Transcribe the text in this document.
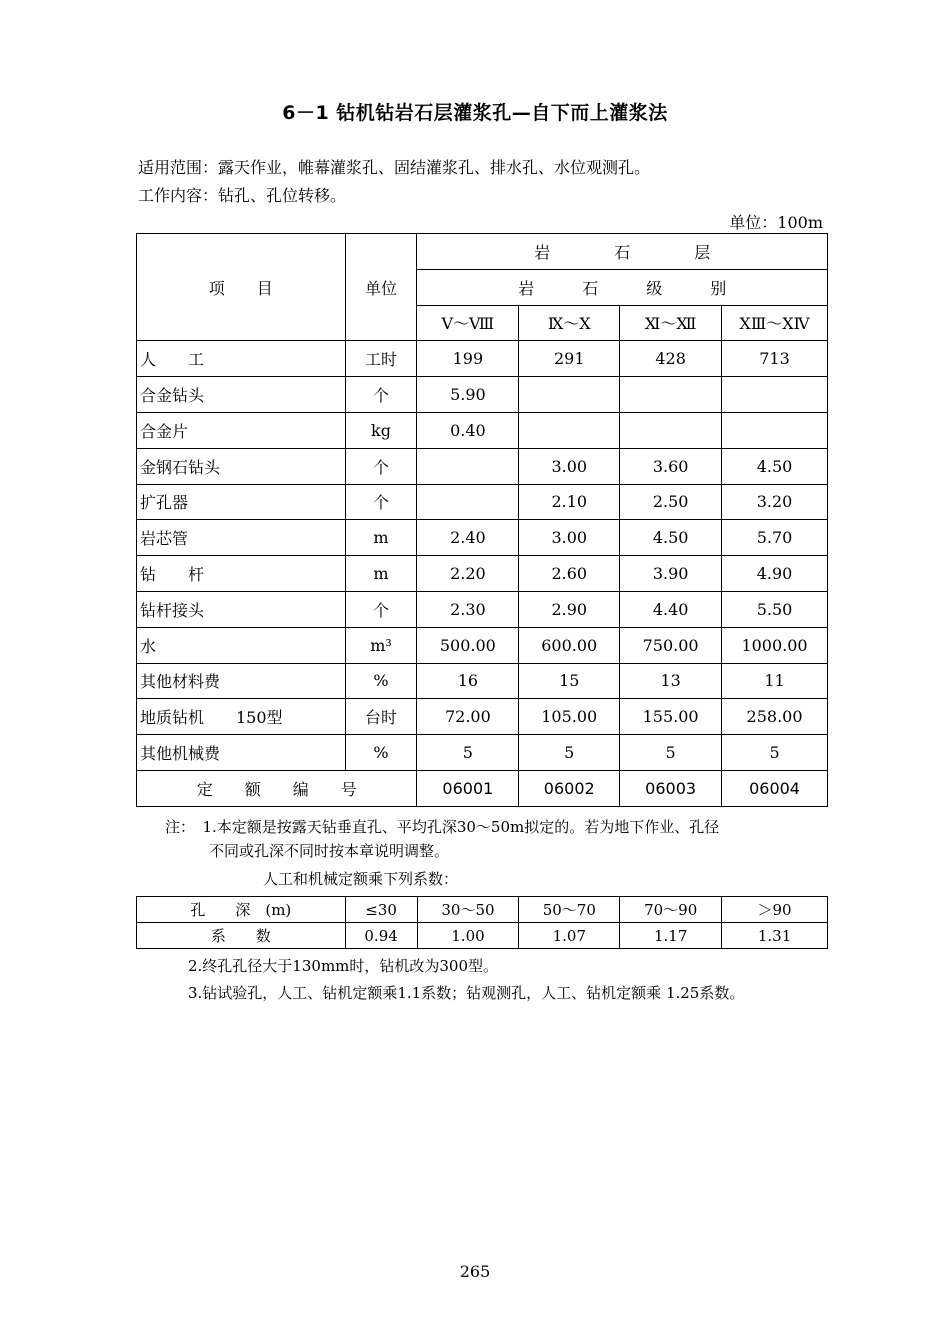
6－1 钻机钻岩石层灌浆孔—自下而上灌浆法
适用范围：露天作业，帷幕灌浆孔、固结灌浆孔、排水孔、水位观测孔。
工作内容：钻孔、孔位转移。
单位：100m
项　　目	单位	岩　　　　石　　　　层			
		岩　　　石　　　级　　　别			
		Ⅴ～Ⅷ	Ⅸ～Ⅹ	Ⅺ～Ⅻ	ⅩⅢ～ⅩⅣ
人　　工	工时	199	291	428	713
合金钻头	个	5.90			
合金片	kg	0.40			
金钢石钻头	个		3.00	3.60	4.50
扩孔器	个		2.10	2.50	3.20
岩芯管	m	2.40	3.00	4.50	5.70
钻　　杆	m	2.20	2.60	3.90	4.90
钻杆接头	个	2.30	2.90	4.40	5.50
水	m³	500.00	600.00	750.00	1000.00
其他材料费	%	16	15	13	11
地质钻机　　150型	台时	72.00	105.00	155.00	258.00
其他机械费	%	5	5	5	5
定　　额　　编　　号		06001	06002	06003	06004
注：　1.本定额是按露天钻垂直孔、平均孔深30～50m拟定的。若为地下作业、孔径
不同或孔深不同时按本章说明调整。
人工和机械定额乘下列系数：
孔　　深　(m)	≤30	30～50	50～70	70～90	＞90
系　　数	0.94	1.00	1.07	1.17	1.31
2.终孔孔径大于130mm时，钻机改为300型。
3.钻试验孔，人工、钻机定额乘1.1系数；钻观测孔，人工、钻机定额乘 1.25系数。
265
